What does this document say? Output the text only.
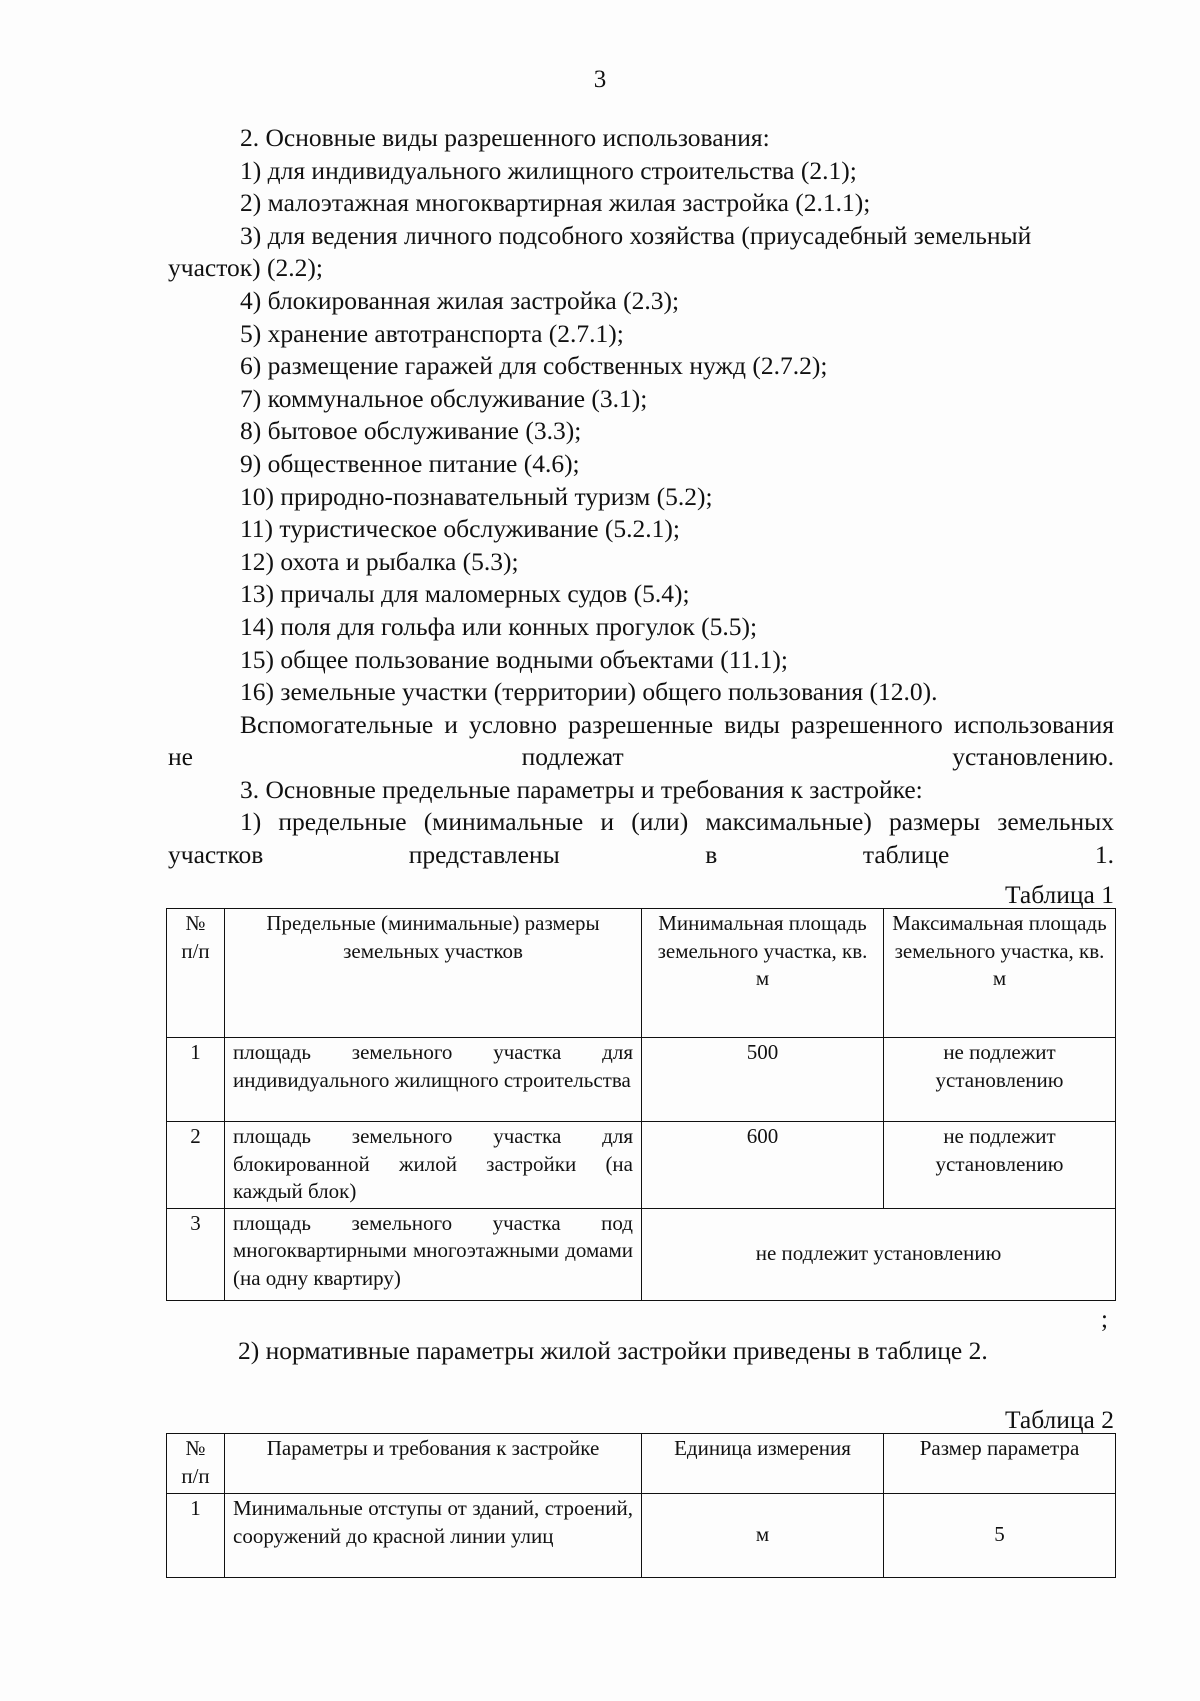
3

2. Основные виды разрешенного использования:

1) для индивидуального жилищного строительства (2.1);

2) малоэтажная многоквартирная жилая застройка (2.1.1);

3) для ведения личного подсобного хозяйства (приусадебный земельный участок) (2.2);

4) блокированная жилая застройка (2.3);

5) хранение автотранспорта (2.7.1);

6) размещение гаражей для собственных нужд (2.7.2);

7) коммунальное обслуживание (3.1);

8) бытовое обслуживание (3.3);

9) общественное питание (4.6);

10) природно-познавательный туризм (5.2);

11) туристическое обслуживание (5.2.1);

12) охота и рыбалка (5.3);

13) причалы для маломерных судов (5.4);

14) поля для гольфа или конных прогулок (5.5);

15) общее пользование водными объектами (11.1);

16) земельные участки (территории) общего пользования (12.0).

Вспомогательные и условно разрешенные виды разрешенного использования не подлежат установлению.

3. Основные предельные параметры и требования к застройке:

1) предельные (минимальные и (или) максимальные) размеры земельных участков представлены в таблице 1.

Таблица 1
№ п/п	Предельные (минимальные) размеры земельных участков	Минимальная площадь земельного участка, кв. м	Максимальная площадь земельного участка, кв. м
1	площадь земельного участка для индивидуального жилищного строительства	500	не подлежит установлению
2	площадь земельного участка для блокированной жилой застройки (на каждый блок)	600	не подлежит установлению
3	площадь земельного участка под многоквартирными многоэтажными домами (на одну квартиру)	не подлежит установлению	
;
2) нормативные параметры жилой застройки приведены в таблице 2.
Таблица 2
№ п/п	Параметры и требования к застройке	Единица измерения	Размер параметра
1	Минимальные отступы от зданий, строений, сооружений до красной линии улиц	м	5
